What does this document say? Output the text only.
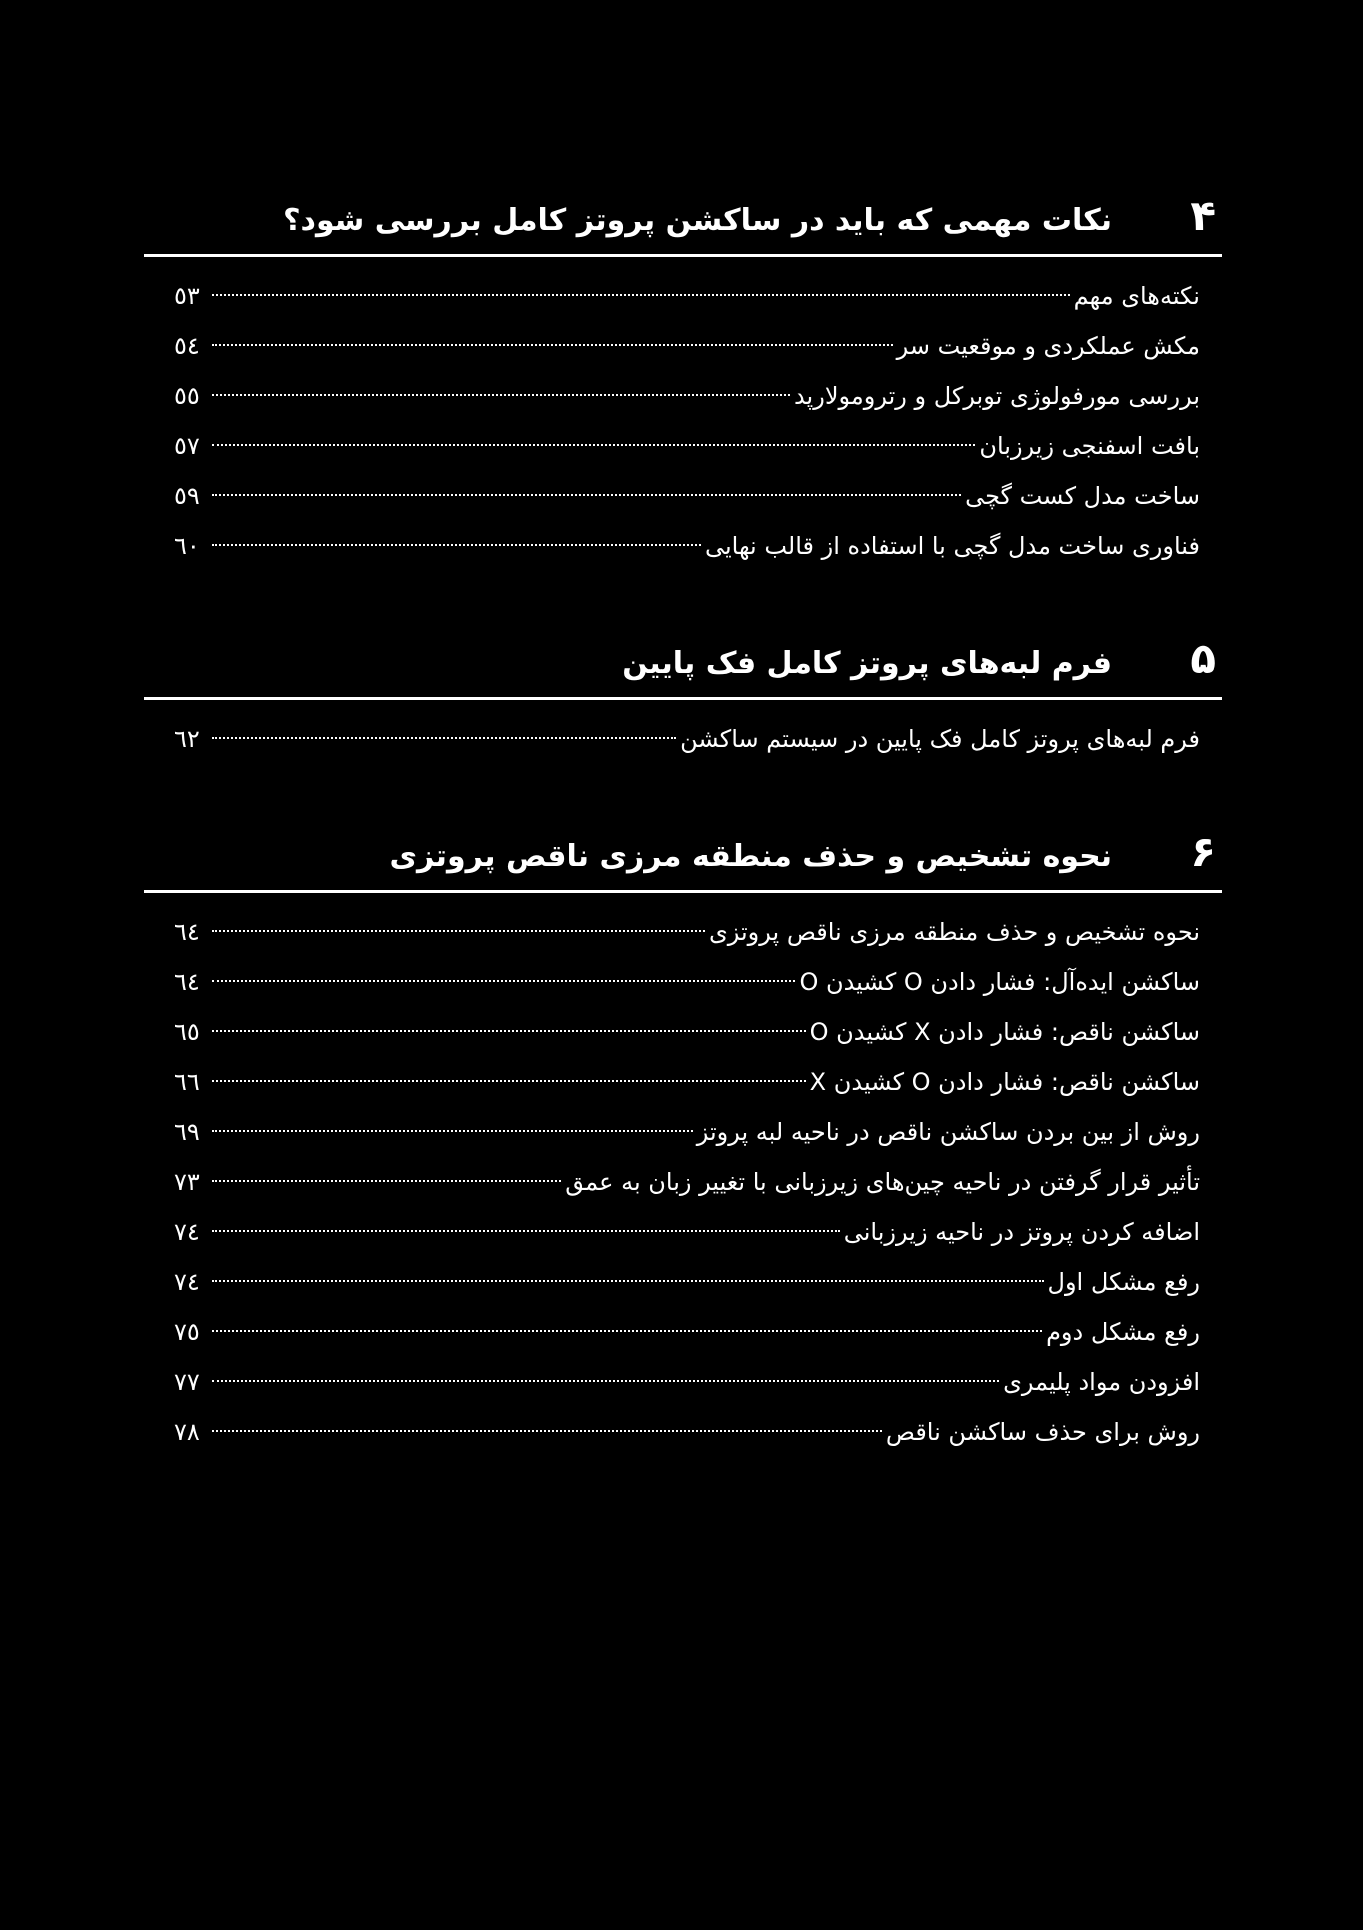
۴
نکات مهمی که باید در ساکشن پروتز کامل بررسی شود؟
نکته‌های مهم
٥٣
مکش عملکردی و موقعیت سر
٥٤
بررسی مورفولوژی توبرکل و رترومولارپد
٥٥
بافت اسفنجی زیرزبان
٥٧
ساخت مدل کست گچی
٥٩
فناوری ساخت مدل گچی با استفاده از قالب نهایی
٦٠
۵
فرم لبه‌های پروتز کامل فک پایین
فرم لبه‌های پروتز کامل فک پایین در سیستم ساکشن
٦٢
۶
نحوه تشخیص و حذف منطقه مرزی ناقص پروتزی
نحوه تشخیص و حذف منطقه مرزی ناقص پروتزی
٦٤
ساکشن ایده‌آل: فشار دادن O کشیدن O
٦٤
ساکشن ناقص: فشار دادن X کشیدن O
٦٥
ساکشن ناقص: فشار دادن O کشیدن X
٦٦
روش از بین بردن ساکشن ناقص در ناحیه لبه پروتز
٦٩
تأثیر قرار گرفتن در ناحیه چین‌های زیرزبانی با تغییر زبان به عمق
٧٣
اضافه کردن پروتز در ناحیه زیرزبانی
٧٤
رفع مشکل اول
٧٤
رفع مشکل دوم
٧٥
افزودن مواد پلیمری
٧٧
روش برای حذف ساکشن ناقص
٧٨
